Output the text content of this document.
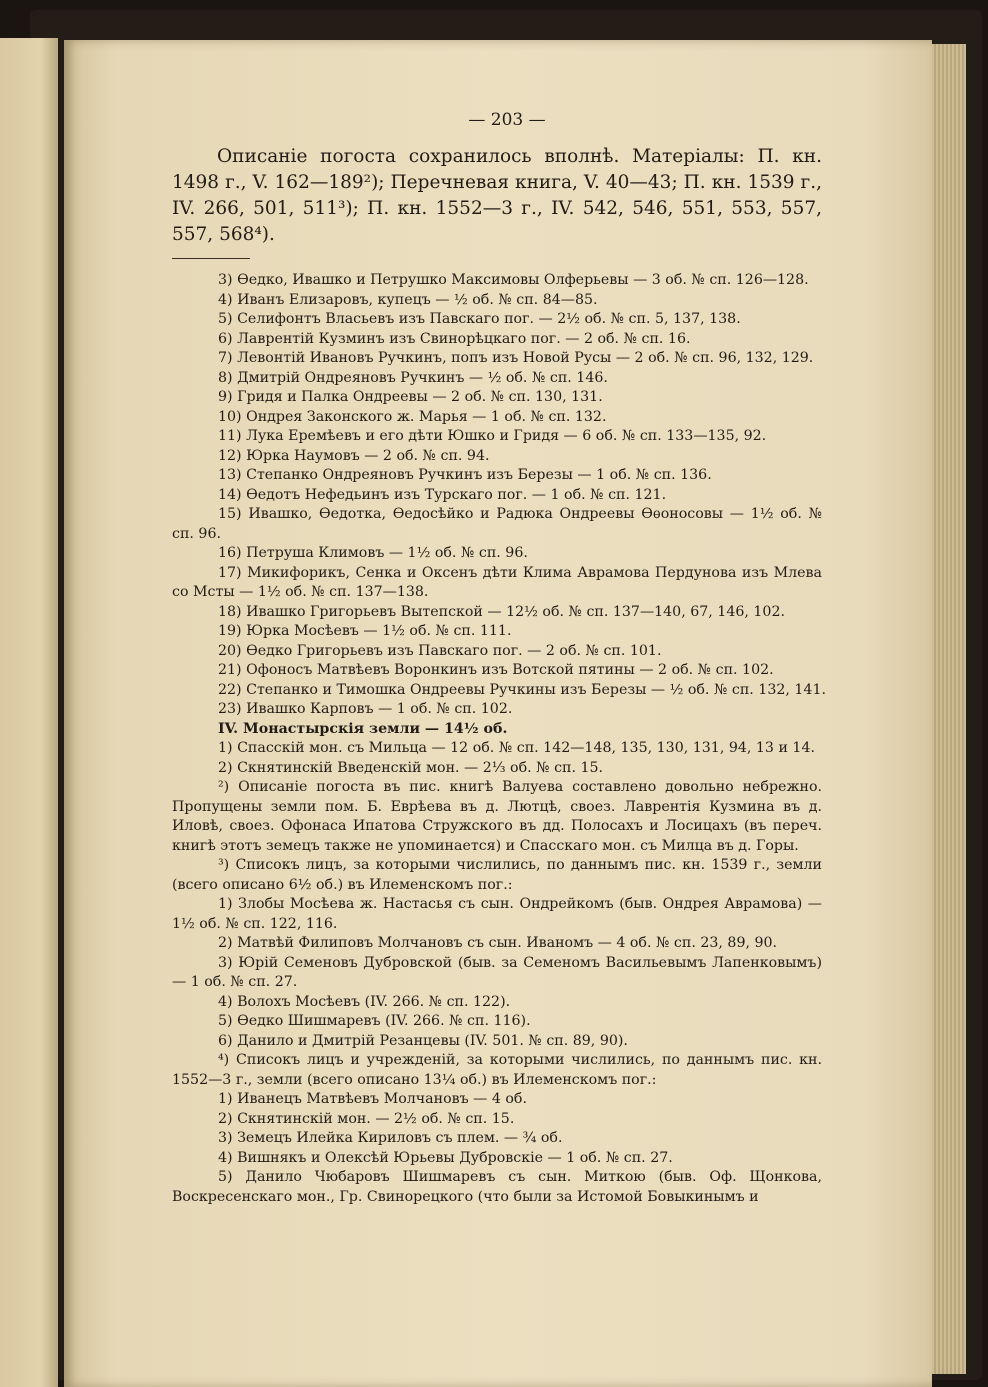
— 203 —

Описаніе погоста сохранилось вполнѣ. Матеріалы: П. кн. 1498 г., V. 162—189²); Перечневая книга, V. 40—43; П. кн. 1539 г., IV. 266, 501, 511³); П. кн. 1552—3 г., IV. 542, 546, 551, 553, 557, 557, 568⁴).

3) Ѳедко, Ивашко и Петрушко Максимовы Олферьевы — 3 об. № сп. 126—128.

4) Иванъ Елизаровъ, купецъ — ½ об. № сп. 84—85.

5) Селифонтъ Власьевъ изъ Павскаго пог. — 2½ об. № сп. 5, 137, 138.

6) Лаврентій Кузминъ изъ Свинорѣцкаго пог. — 2 об. № сп. 16.

7) Левонтій Ивановъ Ручкинъ, попъ изъ Новой Русы — 2 об. № сп. 96, 132, 129.

8) Дмитрій Ондреяновъ Ручкинъ — ½ об. № сп. 146.

9) Гридя и Палка Ондреевы — 2 об. № сп. 130, 131.

10) Ондрея Законского ж. Марья — 1 об. № сп. 132.

11) Лука Еремѣевъ и его дѣти Юшко и Гридя — 6 об. № сп. 133—135, 92.

12) Юрка Наумовъ — 2 об. № сп. 94.

13) Степанко Ондреяновъ Ручкинъ изъ Березы — 1 об. № сп. 136.

14) Ѳедотъ Нефедьинъ изъ Турскаго пог. — 1 об. № сп. 121.

15) Ивашко, Ѳедотка, Ѳедосѣйко и Радюка Ондреевы Ѳѳоносовы — 1½ об. № сп. 96.

16) Петруша Климовъ — 1½ об. № сп. 96.

17) Микифорикъ, Сенка и Оксенъ дѣти Клима Аврамова Пердунова изъ Млева со Мсты — 1½ об. № сп. 137—138.

18) Ивашко Григорьевъ Вытепской — 12½ об. № сп. 137—140, 67, 146, 102.

19) Юрка Мосѣевъ — 1½ об. № сп. 111.

20) Ѳедко Григорьевъ изъ Павскаго пог. — 2 об. № сп. 101.

21) Офоносъ Матвѣевъ Воронкинъ изъ Вотской пятины — 2 об. № сп. 102.

22) Степанко и Тимошка Ондреевы Ручкины изъ Березы — ½ об. № сп. 132, 141.

23) Ивашко Карповъ — 1 об. № сп. 102.

IV. Монастырскія земли — 14½ об.

1) Спасскій мон. съ Мильца — 12 об. № сп. 142—148, 135, 130, 131, 94, 13 и 14.

2) Скнятинскій Введенскій мон. — 2⅓ об. № сп. 15.

²) Описаніе погоста въ пис. книгѣ Валуева составлено довольно небрежно. Пропущены земли пом. Б. Еврѣева въ д. Лютцѣ, своез. Лаврентія Кузмина въ д. Иловѣ, своез. Офонаса Ипатова Стружского въ дд. Полосахъ и Лосицахъ (въ переч. книгѣ этотъ земецъ также не упоминается) и Спасскаго мон. съ Милца въ д. Горы.

³) Списокъ лицъ, за которыми числились, по даннымъ пис. кн. 1539 г., земли (всего описано 6½ об.) въ Илеменскомъ пог.:

1) Злобы Мосѣева ж. Настасья съ сын. Ондрейкомъ (быв. Ондрея Аврамова) — 1½ об. № сп. 122, 116.

2) Матвѣй Филиповъ Молчановъ съ сын. Иваномъ — 4 об. № сп. 23, 89, 90.

3) Юрій Семеновъ Дубровской (быв. за Семеномъ Васильевымъ Лапенковымъ) — 1 об. № сп. 27.

4) Волохъ Мосѣевъ (IV. 266. № сп. 122).

5) Ѳедко Шишмаревъ (IV. 266. № сп. 116).

6) Данило и Дмитрій Резанцевы (IV. 501. № сп. 89, 90).

⁴) Списокъ лицъ и учрежденій, за которыми числились, по даннымъ пис. кн. 1552—3 г., земли (всего описано 13¼ об.) въ Илеменскомъ пог.:

1) Иванецъ Матвѣевъ Молчановъ — 4 об.

2) Скнятинскій мон. — 2½ об. № сп. 15.

3) Земецъ Илейка Кириловъ съ плем. — ¾ об.

4) Вишнякъ и Олексѣй Юрьевы Дубровскіе — 1 об. № сп. 27.

5) Данило Чюбаровъ Шишмаревъ съ сын. Миткою (быв. Оф. Щонкова, Воскресенскаго мон., Гр. Свинорецкого (что были за Истомой Бовыкинымъ и
